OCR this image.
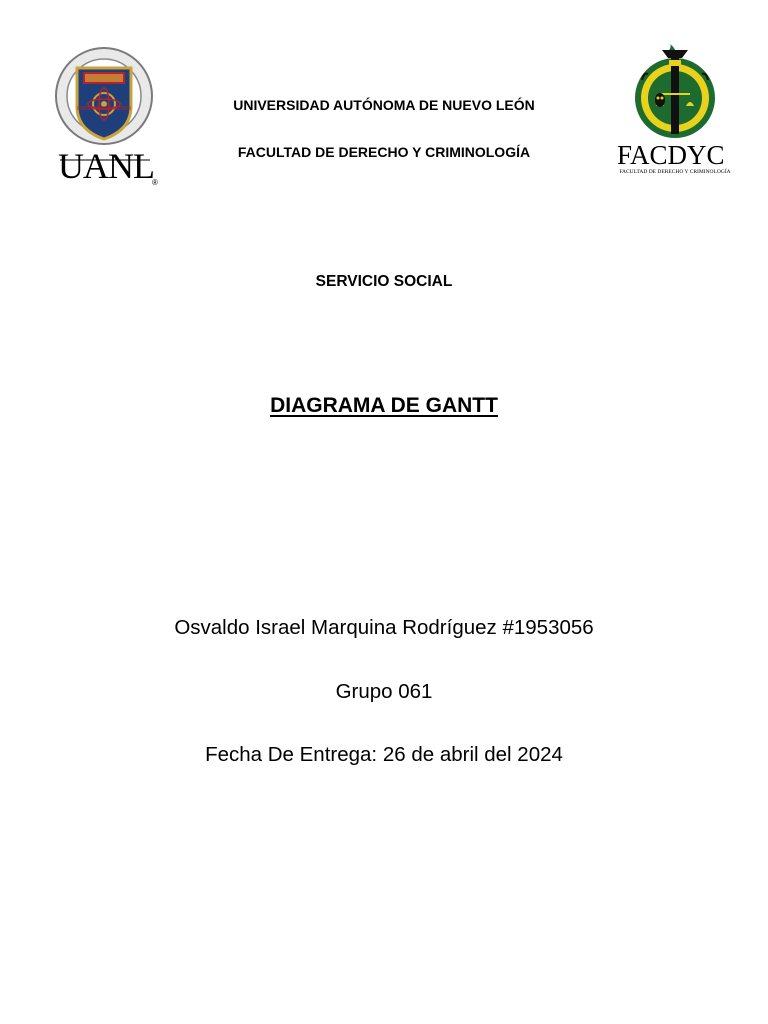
UANL
®
FACDYC
FACULTAD DE DERECHO Y CRIMINOLOGÍA
UNIVERSIDAD AUTÓNOMA DE NUEVO LEÓN
FACULTAD DE DERECHO Y CRIMINOLOGÍA
SERVICIO SOCIAL
DIAGRAMA DE GANTT
Osvaldo Israel Marquina Rodríguez #1953056
Grupo 061
Fecha De Entrega: 26 de abril del 2024
